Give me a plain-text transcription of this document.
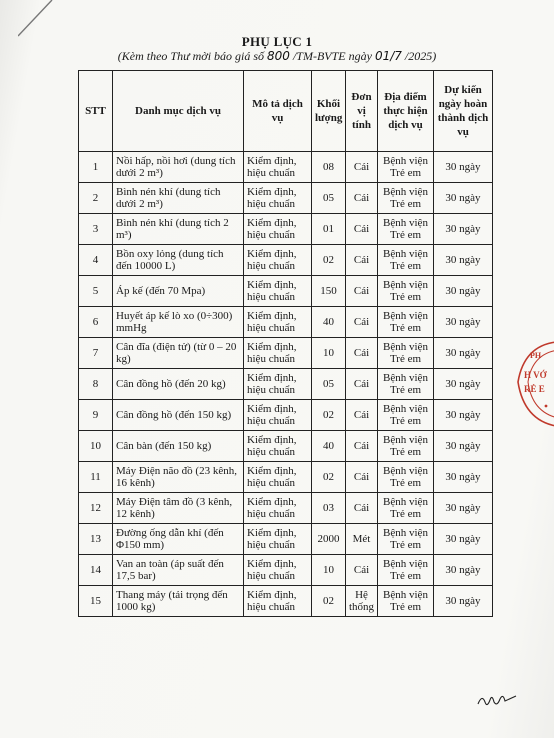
PHỤ LỤC 1
(Kèm theo Thư mời báo giá số 800 /TM-BVTE ngày 01/7 /2025)
STT	Danh mục dịch vụ	Mô tả dịch vụ	Khối lượng	Đơn vị tính	Địa điểm thực hiện dịch vụ	Dự kiến ngày hoàn thành dịch vụ
1	Nồi hấp, nồi hơi (dung tích dưới 2 m³)	Kiểm định, hiệu chuẩn	08	Cái	Bệnh viện Trẻ em	30 ngày
2	Bình nén khí (dung tích dưới 2 m³)	Kiểm định, hiệu chuẩn	05	Cái	Bệnh viện Trẻ em	30 ngày
3	Bình nén khí (dung tích 2 m³)	Kiểm định, hiệu chuẩn	01	Cái	Bệnh viện Trẻ em	30 ngày
4	Bồn oxy lỏng (dung tích đến 10000 L)	Kiểm định, hiệu chuẩn	02	Cái	Bệnh viện Trẻ em	30 ngày
5	Áp kế (đến 70 Mpa)	Kiểm định, hiệu chuẩn	150	Cái	Bệnh viện Trẻ em	30 ngày
6	Huyết áp kế lò xo (0÷300) mmHg	Kiểm định, hiệu chuẩn	40	Cái	Bệnh viện Trẻ em	30 ngày
7	Cân đĩa (điện tử) (từ 0 – 20 kg)	Kiểm định, hiệu chuẩn	10	Cái	Bệnh viện Trẻ em	30 ngày
8	Cân đồng hồ (đến 20 kg)	Kiểm định, hiệu chuẩn	05	Cái	Bệnh viện Trẻ em	30 ngày
9	Cân đồng hồ (đến 150 kg)	Kiểm định, hiệu chuẩn	02	Cái	Bệnh viện Trẻ em	30 ngày
10	Cân bàn (đến 150 kg)	Kiểm định, hiệu chuẩn	40	Cái	Bệnh viện Trẻ em	30 ngày
11	Máy Điện não đồ (23 kênh, 16 kênh)	Kiểm định, hiệu chuẩn	02	Cái	Bệnh viện Trẻ em	30 ngày
12	Máy Điện tâm đồ (3 kênh, 12 kênh)	Kiểm định, hiệu chuẩn	03	Cái	Bệnh viện Trẻ em	30 ngày
13	Đường ống dẫn khí (đến Φ150 mm)	Kiểm định, hiệu chuẩn	2000	Mét	Bệnh viện Trẻ em	30 ngày
14	Van an toàn (áp suất đến 17,5 bar)	Kiểm định, hiệu chuẩn	10	Cái	Bệnh viện Trẻ em	30 ngày
15	Thang máy (tải trọng đến 1000 kg)	Kiểm định, hiệu chuẩn	02	Hệ thống	Bệnh viện Trẻ em	30 ngày
PH
H VỚ
RẺ E
